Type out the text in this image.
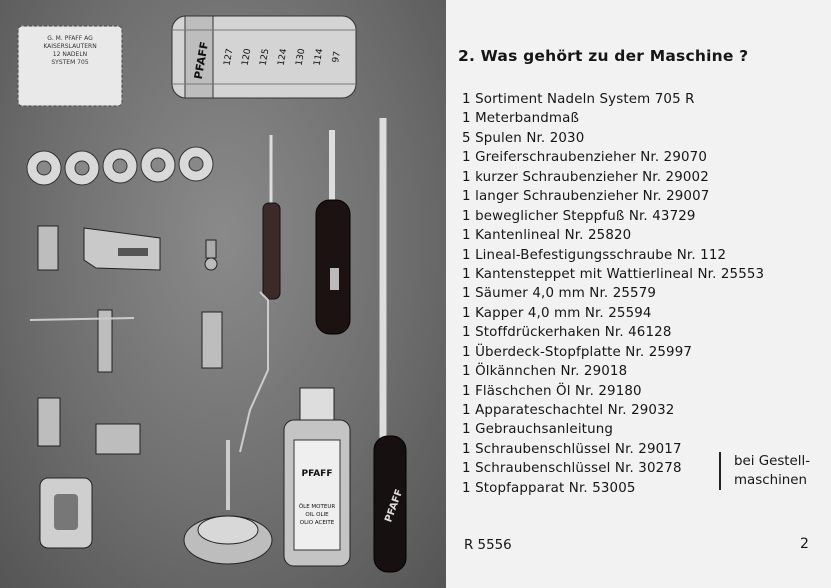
G. M. PFAFF AG KAISERSLAUTERN 12 NADELN SYSTEM 705	PFAFF 127 120 125 124 130 114 97
PFAFF
PFAFF
ÖLE MOTEUR
OIL OLIE
OLIO ACEITE
2. Was gehört zu der Maschine ?
1 Sortiment Nadeln System 705 R
1 Meterbandmaß
5 Spulen Nr. 2030
1 Greiferschraubenzieher Nr. 29070
1 kurzer Schraubenzieher Nr. 29002
1 langer Schraubenzieher Nr. 29007
1 beweglicher Steppfuß Nr. 43729
1 Kantenlineal Nr. 25820
1 Lineal-Befestigungsschraube Nr. 112
1 Kantensteppet mit Wattierlineal Nr. 25553
1 Säumer 4,0 mm Nr. 25579
1 Kapper 4,0 mm Nr. 25594
1 Stoffdrückerhaken Nr. 46128
1 Überdeck-Stopfplatte Nr. 25997
1 Ölkännchen Nr. 29018
1 Fläschchen Öl Nr. 29180
1 Apparateschachtel Nr. 29032
1 Gebrauchsanleitung
1 Schraubenschlüssel Nr. 29017
1 Schraubenschlüssel Nr. 30278
1 Stopfapparat Nr. 53005
bei Gestell-maschinen
R 5556	2
